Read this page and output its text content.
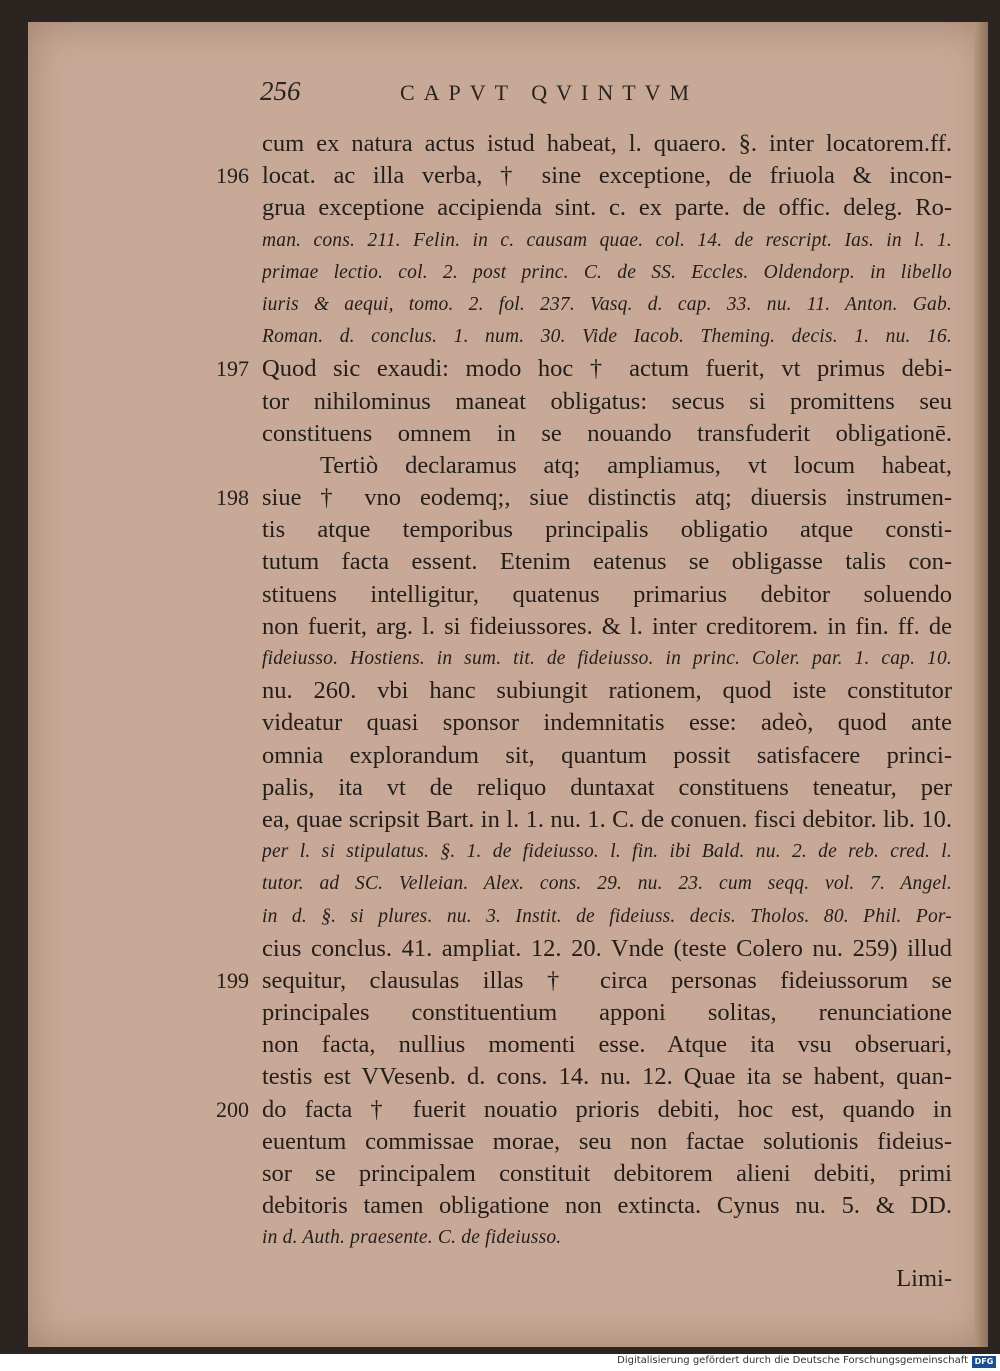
256	CAPVT QVINTVM
cum ex natura actus istud habeat, l. quaero. §. inter locatorem.ff.
196 locat. ac illa verba, † sine exceptione, de friuola & incon-
grua exceptione accipienda sint. c. ex parte. de offic. deleg. Ro-
man. cons. 211. Felin. in c. causam quae. col. 14. de rescript. Ias. in l. 1.
primae lectio. col. 2. post princ. C. de SS. Eccles. Oldendorp. in libello
iuris & aequi, tomo. 2. fol. 237. Vasq. d. cap. 33. nu. 11. Anton. Gab.
Roman. d. conclus. 1. num. 30. Vide Iacob. Theming. decis. 1. nu. 16.
197 Quod sic exaudi: modo hoc † actum fuerit, vt primus debi-
tor nihilominus maneat obligatus: secus si promittens seu
constituens omnem in se nouando transfuderit obligationē.
Tertiò declaramus atq; ampliamus, vt locum habeat,
198 siue † vno eodemq;, siue distinctis atq; diuersis instrumen-
tis atque temporibus principalis obligatio atque consti-
tutum facta essent. Etenim eatenus se obligasse talis con-
stituens intelligitur, quatenus primarius debitor soluendo
non fuerit, arg. l. si fideiussores. & l. inter creditorem. in fin. ff. de
fideiusso. Hostiens. in sum. tit. de fideiusso. in princ. Coler. par. 1. cap. 10.
nu. 260. vbi hanc subiungit rationem, quod iste constitutor
videatur quasi sponsor indemnitatis esse: adeò, quod ante
omnia explorandum sit, quantum possit satisfacere princi-
palis, ita vt de reliquo duntaxat constituens teneatur, per
ea, quae scripsit Bart. in l. 1. nu. 1. C. de conuen. fisci debitor. lib. 10.
per l. si stipulatus. §. 1. de fideiusso. l. fin. ibi Bald. nu. 2. de reb. cred. l.
tutor. ad SC. Velleian. Alex. cons. 29. nu. 23. cum seqq. vol. 7. Angel.
in d. §. si plures. nu. 3. Instit. de fideiuss. decis. Tholos. 80. Phil. Por-
cius conclus. 41. ampliat. 12. 20. Vnde (teste Colero nu. 259) illud
199 sequitur, clausulas illas † circa personas fideiussorum se
principales constituentium apponi solitas, renunciatione
non facta, nullius momenti esse. Atque ita vsu obseruari,
testis est VVesenb. d. cons. 14. nu. 12. Quae ita se habent, quan-
200 do facta † fuerit nouatio prioris debiti, hoc est, quando in
euentum commissae morae, seu non factae solutionis fideius-
sor se principalem constituit debitorem alieni debiti, primi
debitoris tamen obligatione non extincta. Cynus nu. 5. & DD.
in d. Auth. praesente. C. de fideiusso.
Limi-
Digitalisierung gefördert durch die Deutsche Forschungsgemeinschaft DFG
